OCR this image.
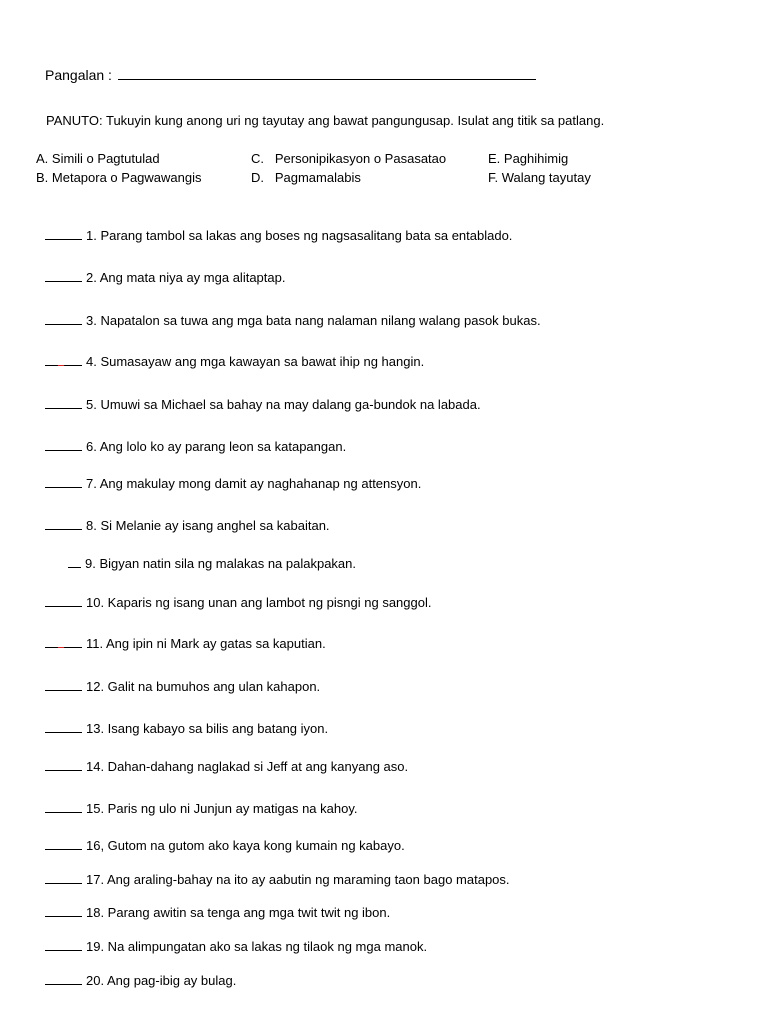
Pangalan :
PANUTO: Tukuyin kung anong uri ng tayutay ang bawat pangungusap. Isulat ang titik sa patlang.
A. Simili o Pagtutulad
B. Metapora o Pagwawangis
C. Personipikasyon o Pasasatao
D. Pagmamalabis
E. Paghihimig
F. Walang tayutay
1. Parang tambol sa lakas ang boses ng nagsasalitang bata sa entablado.
2. Ang mata niya ay mga alitaptap.
3. Napatalon sa tuwa ang mga bata nang nalaman nilang walang pasok bukas.
4. Sumasayaw ang mga kawayan sa bawat ihip ng hangin.
5. Umuwi sa Michael sa bahay na may dalang ga-bundok na labada.
6. Ang lolo ko ay parang leon sa katapangan.
7. Ang makulay mong damit ay naghahanap ng attensyon.
8. Si Melanie ay isang anghel sa kabaitan.
9. Bigyan natin sila ng malakas na palakpakan.
10. Kaparis ng isang unan ang lambot ng pisngi ng sanggol.
11. Ang ipin ni Mark ay gatas sa kaputian.
12. Galit na bumuhos ang ulan kahapon.
13. Isang kabayo sa bilis ang batang iyon.
14. Dahan-dahang naglakad si Jeff at ang kanyang aso.
15. Paris ng ulo ni Junjun ay matigas na kahoy.
16, Gutom na gutom ako kaya kong kumain ng kabayo.
17. Ang araling-bahay na ito ay aabutin ng maraming taon bago matapos.
18. Parang awitin sa tenga ang mga twit twit ng ibon.
19. Na alimpungatan ako sa lakas ng tilaok ng mga manok.
20. Ang pag-ibig ay bulag.
